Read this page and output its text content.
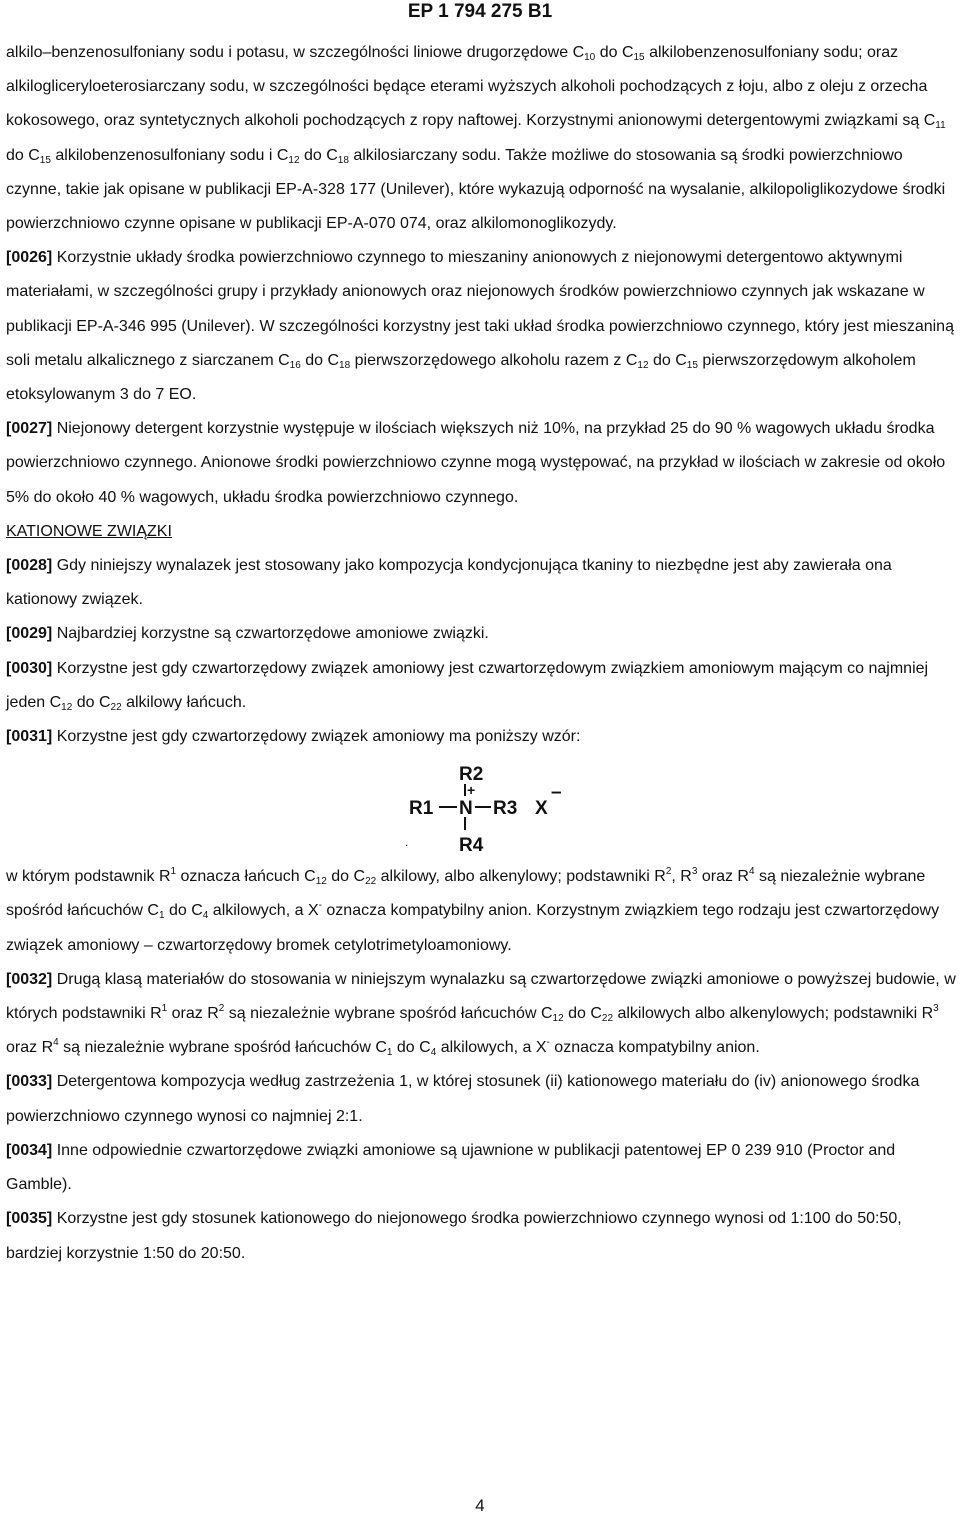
EP 1 794 275 B1

alkilo–benzenosulfoniany sodu i potasu, w szczególności liniowe drugorzędowe $C_{10}$ do $C_{15}$ alkilobenzenosulfoniany sodu; oraz alkilogliceryloeterosiarczany sodu, w szczególności będące eterami wyższych alkoholi pochodzących z łoju, albo z oleju z orzecha kokosowego, oraz syntetycznych alkoholi pochodzących z ropy naftowej. Korzystnymi anionowymi detergentowymi związkami są $C_{11}$ do $C_{15}$ alkilobenzenosulfoniany sodu i $C_{12}$ do $C_{18}$ alkilosiarczany sodu. Także możliwe do stosowania są środki powierzchniowo czynne, takie jak opisane w publikacji EP-A-328 177 (Unilever), które wykazują odporność na wysalanie, alkilopoliglikozydowe środki powierzchniowo czynne opisane w publikacji EP-A-070 074, oraz alkilomonoglikozydy.

[0026] Korzystnie układy środka powierzchniowo czynnego to mieszaniny anionowych z niejonowymi detergentowo aktywnymi materiałami, w szczególności grupy i przykłady anionowych oraz niejonowych środków powierzchniowo czynnych jak wskazane w publikacji EP-A-346 995 (Unilever). W szczególności korzystny jest taki układ środka powierzchniowo czynnego, który jest mieszaniną soli metalu alkalicznego z siarczanem $C_{16}$ do $C_{18}$ pierwszorzędowego alkoholu razem z $C_{12}$ do $C_{15}$ pierwszorzędowym alkoholem etoksylowanym 3 do 7 EO.

[0027] Niejonowy detergent korzystnie występuje w ilościach większych niż 10%, na przykład 25 do 90 % wagowych układu środka powierzchniowo czynnego. Anionowe środki powierzchniowo czynne mogą występować, na przykład w ilościach w zakresie od około 5% do około 40 % wagowych, układu środka powierzchniowo czynnego.

KATIONOWE ZWIĄZKI

[0028] Gdy niniejszy wynalazek jest stosowany jako kompozycja kondycjonująca tkaniny to niezbędne jest aby zawierała ona kationowy związek.

[0029] Najbardziej korzystne są czwartorzędowe amoniowe związki.

[0030] Korzystne jest gdy czwartorzędowy związek amoniowy jest czwartorzędowym związkiem amoniowym mającym co najmniej jeden $C_{12}$ do $C_{22}$ alkilowy łańcuch.

[0031] Korzystne jest gdy czwartorzędowy związek amoniowy ma poniższy wzór:

R2
+
R1 N R3 X
–
R4
.

w którym podstawnik $R^1$ oznacza łańcuch $C_{12}$ do $C_{22}$ alkilowy, albo alkenylowy; podstawniki $R^2$, $R^3$ oraz $R^4$ są niezależnie wybrane spośród łańcuchów $C_1$ do $C_4$ alkilowych, a X- oznacza kompatybilny anion. Korzystnym związkiem tego rodzaju jest czwartorzędowy związek amoniowy – czwartorzędowy bromek cetylotrimetyloamoniowy.

[0032] Drugą klasą materiałów do stosowania w niniejszym wynalazku są czwartorzędowe związki amoniowe o powyższej budowie, w których podstawniki $R^1$ oraz $R^2$ są niezależnie wybrane spośród łańcuchów $C_{12}$ do $C_{22}$ alkilowych albo alkenylowych; podstawniki $R^3$ oraz $R^4$ są niezależnie wybrane spośród łańcuchów $C_1$ do $C_4$ alkilowych, a X- oznacza kompatybilny anion.

[0033] Detergentowa kompozycja według zastrzeżenia 1, w której stosunek (ii) kationowego materiału do (iv) anionowego środka powierzchniowo czynnego wynosi co najmniej 2:1.

[0034] Inne odpowiednie czwartorzędowe związki amoniowe są ujawnione w publikacji patentowej EP 0 239 910 (Proctor and Gamble).

[0035] Korzystne jest gdy stosunek kationowego do niejonowego środka powierzchniowo czynnego wynosi od 1:100 do 50:50, bardziej korzystnie 1:50 do 20:50.

4
